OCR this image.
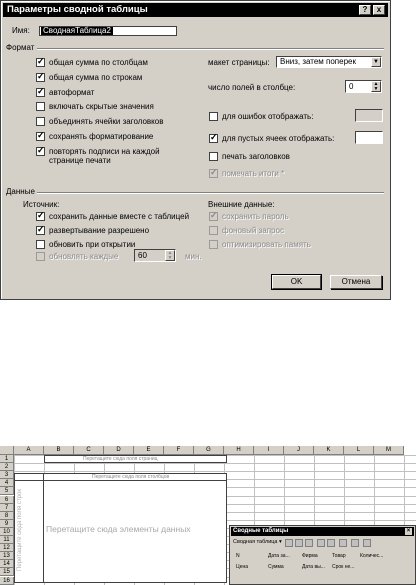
Параметры сводной таблицы	?	x
Имя: СводнаяТаблица2
Формат
✓
общая сумма по столбцам
✓
общая сумма по строкам
✓
автоформат
включать скрытые значения
объединять ячейки заголовков
✓
сохранять форматирование
✓
повторять подписи на каждой
странице печати
макет страницы: Вниз, затем поперек	▼
число полей в столбце:	0	▲
▼
для ошибок отображать:
✓
для пустых ячеек отображать:
печать заголовков
✓
помечать итоги *
Данные
Источник:
✓
сохранить данные вместе с таблицей
✓
развертывание разрешено
обновить при открытии
обновлять каждые 60	▲
▼	мин.
Внешние данные:
✓
сохранить пароль
фоновый запрос
оптимизировать память
OK	Отмена
A	B	C	D	E	F	G	H	I	J	K	L	M
1
2
3
4
5
6
7
8
9
10
11
12
13
14
15
16
Перетащите сюда поля страниц
Перетащите сюда поля столбцов
Перетащите сюда поля строк	Перетащите сюда элементы данных	Сводные таблицы	×
Сводная таблица ▾
N	Дата за... Фирма	Товар	Количес...
Цена	Сумма	Дата вы... Срок не...
